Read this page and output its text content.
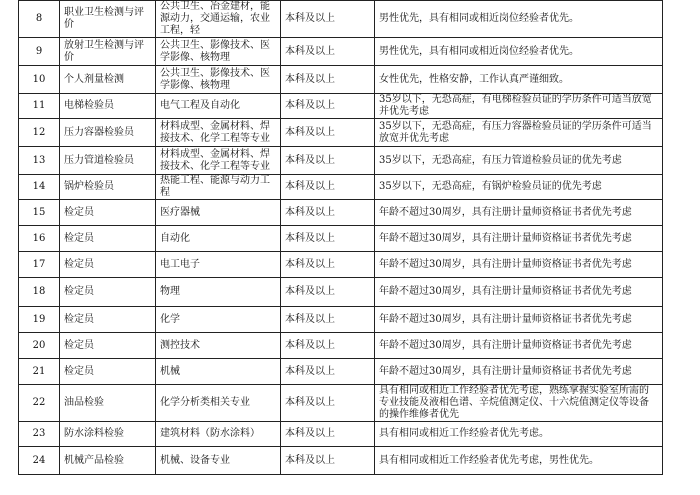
8	职业卫生检测与评价	公共卫生、冶金建材，能源动力，交通运输，农业工程，轻	本科及以上	男性优先，具有相同或相近岗位经验者优先。
9	放射卫生检测与评价	公共卫生、影像技术、医学影像、核物理	本科及以上	男性优先，具有相同或相近岗位经验者优先。
10	个人剂量检测	公共卫生、影像技术、医学影像、核物理	本科及以上	女性优先，性格安静，工作认真严谨细致。
11	电梯检验员	电气工程及自动化	本科及以上	35岁以下，无恐高症，有电梯检验员证的学历条件可适当放宽并优先考虑
12	压力容器检验员	材料成型、金属材料、焊接技术、化学工程等专业	本科及以上	35岁以下，无恐高症，有压力容器检验员证的学历条件可适当放宽并优先考虑
13	压力管道检验员	材料成型、金属材料、焊接技术、化学工程等专业	本科及以上	35岁以下，无恐高症，有压力管道检验员证的优先考虑
14	锅炉检验员	热能工程、能源与动力工程	本科及以上	35岁以下，无恐高症，有锅炉检验员证的优先考虑
15	检定员	医疗器械	本科及以上	年龄不超过30周岁，具有注册计量师资格证书者优先考虑
16	检定员	自动化	本科及以上	年龄不超过30周岁，具有注册计量师资格证书者优先考虑
17	检定员	电工电子	本科及以上	年龄不超过30周岁，具有注册计量师资格证书者优先考虑
18	检定员	物理	本科及以上	年龄不超过30周岁，具有注册计量师资格证书者优先考虑
19	检定员	化学	本科及以上	年龄不超过30周岁，具有注册计量师资格证书者优先考虑
20	检定员	测控技术	本科及以上	年龄不超过30周岁，具有注册计量师资格证书者优先考虑
21	检定员	机械	本科及以上	年龄不超过30周岁，具有注册计量师资格证书者优先考虑
22	油品检验	化学分析类相关专业	本科及以上	具有相同或相近工作经验者优先考虑，熟练掌握实验室所需的专业技能及液相色谱、辛烷值测定仪、十六烷值测定仪等设备的操作维修者优先
23	防水涂料检验	建筑材料（防水涂料）	本科及以上	具有相同或相近工作经验者优先考虑。
24	机械产品检验	机械、设备专业	本科及以上	具有相同或相近工作经验者优先考虑，男性优先。
